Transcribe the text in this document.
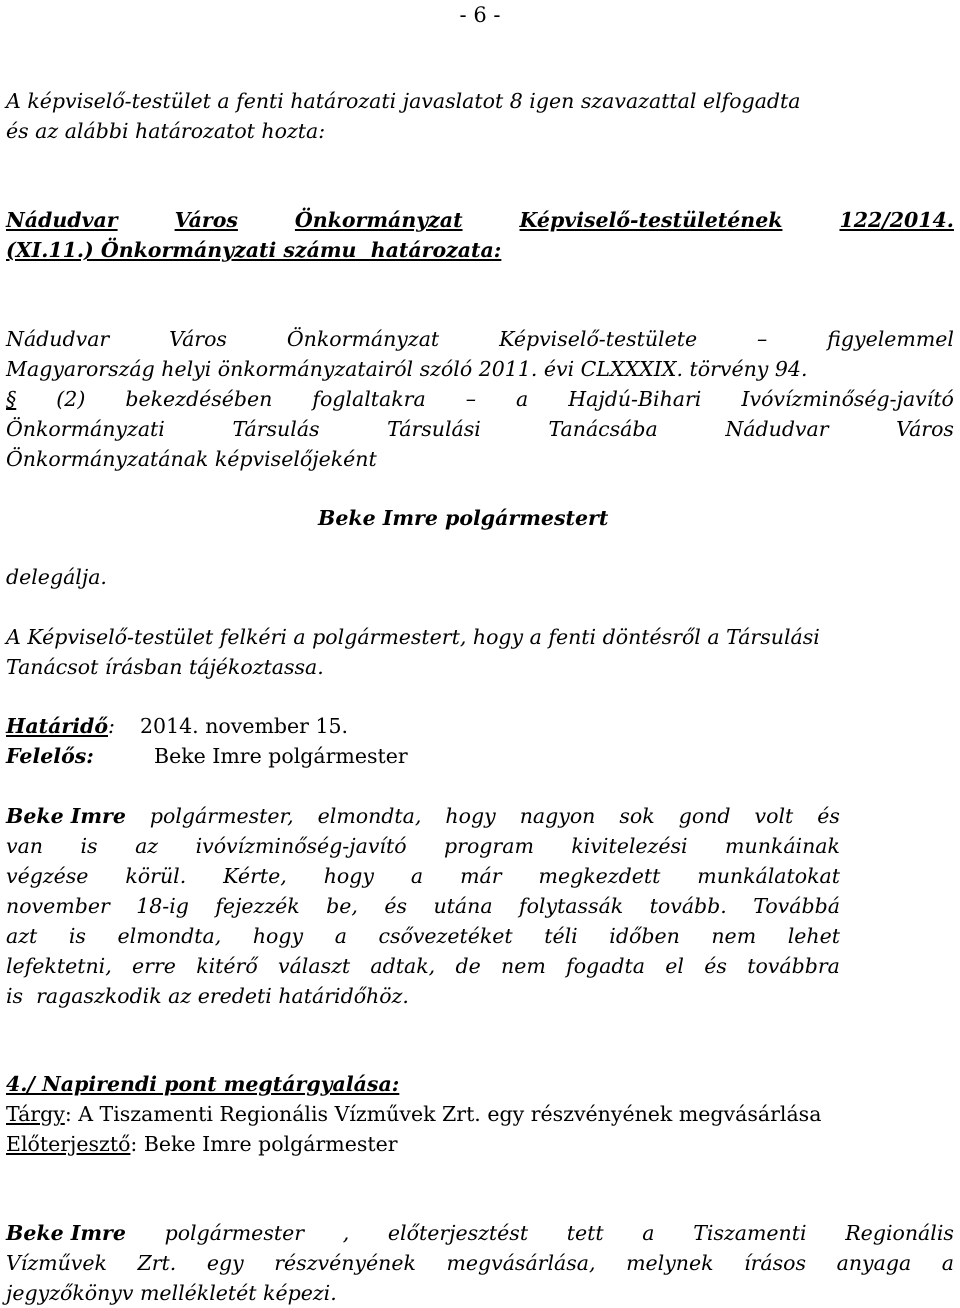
- 6 -
A képviselő-testület a fenti határozati javaslatot 8 igen szavazattal elfogadta
és az alábbi határozatot hozta:
Nádudvar	Város	Önkormányzat	Képviselő-testületének	122/2014.
(XI.11.) Önkormányzati számu  határozata:
Nádudvar	Város	Önkormányzat	Képviselő-testülete	–	figyelemmel
Magyarország helyi önkormányzatairól szóló 2011. évi CLXXXIX. törvény 94.
§ (2) bekezdésében foglaltakra – a Hajdú-Bihari Ivóvízminőség-javító
Önkormányzati	Társulás	Társulási	Tanácsába	Nádudvar	Város
Önkormányzatának képviselőjeként
Beke Imre polgármestert
delegálja.
A Képviselő-testület felkéri a polgármestert, hogy a fenti döntésről a Társulási
Tanácsot írásban tájékoztassa.
Határidő: 2014. november 15.
Felelős:	Beke Imre polgármester
Beke Imre polgármester, elmondta, hogy nagyon sok gond volt és
van is az ivóvízminőség-javító program kivitelezési munkáinak
végzése körül. Kérte, hogy a már megkezdett munkálatokat
november 18-ig fejezzék be, és utána folytassák tovább. Továbbá
azt is elmondta, hogy a csővezetéket téli időben nem lehet
lefektetni, erre kitérő választ adtak, de nem fogadta el és továbbra
is  ragaszkodik az eredeti határidőhöz.
4./ Napirendi pont megtárgyalása:
Tárgy: A Tiszamenti Regionális Vízművek Zrt. egy részvényének megvásárlása
Előterjesztő: Beke Imre polgármester
Beke Imre polgármester , előterjesztést tett a Tiszamenti Regionális
Vízművek Zrt. egy részvényének megvásárlása, melynek írásos anyaga a
jegyzőkönyv mellékletét képezi.
